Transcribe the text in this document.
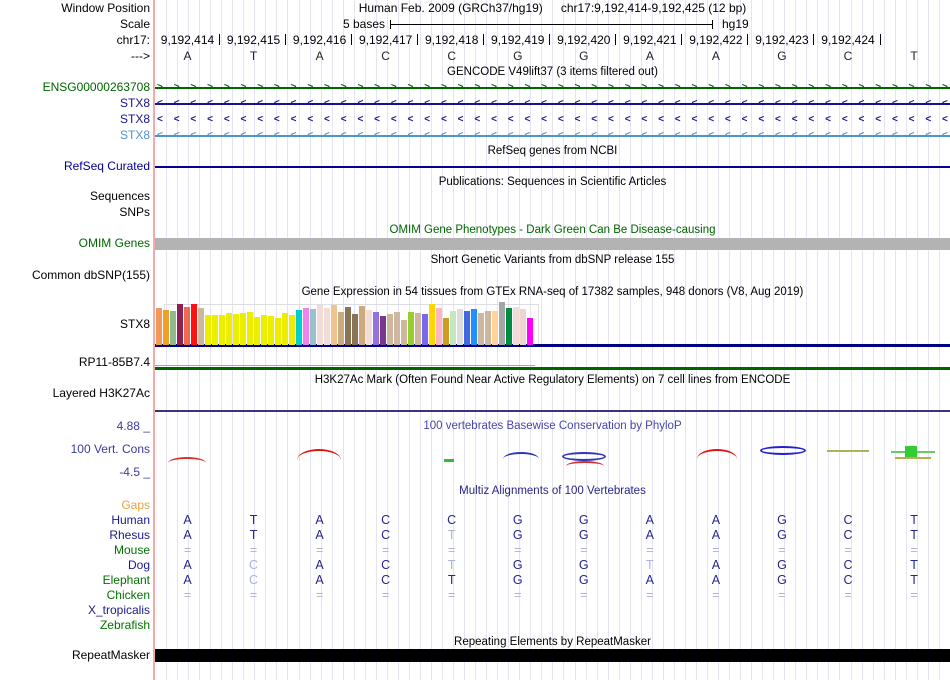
Window Position	Human Feb. 2009 (GRCh37/hg19) chr17:9,192,414-9,192,425 (12 bp)
Scale	5 bases	hg19
chr17:
--->
GENCODE V49lift37 (3 items filtered out)
RefSeq genes from NCBI
Publications: Sequences in Scientific Articles
OMIM Gene Phenotypes - Dark Green Can Be Disease-causing
Short Genetic Variants from dbSNP release 155
Gene Expression in 54 tissues from GTEx RNA-seq of 17382 samples, 948 donors (V8, Aug 2019)
H3K27Ac Mark (Often Found Near Active Regulatory Elements) on 7 cell lines from ENCODE
100 vertebrates Basewise Conservation by PhyloP
Multiz Alignments of 100 Vertebrates
Repeating Elements by RepeatMasker
RefSeq Curated
Sequences
SNPs
OMIM Genes
Common dbSNP(155)
STX8
RP11-85B7.4
Layered H3K27Ac
4.88 _
100 Vert. Cons
-4.5 _
RepeatMasker
9,192,414	9,192,415	9,192,416	9,192,417	9,192,418	9,192,419	9,192,420	9,192,421	9,192,422	9,192,423	9,192,424
A	T	A	C	C	G	G	A	A	G	C	T
ENSG00000263708 > > > > > > > > > > > > > > > > > > > > > > > > > > > > > > > > > > > > > > > > > > > > > > > >
STX8 < < < < < < < < < < < < < < < < < < < < < < < < < < < < < < < < < < < < < < < < < < < < < < < <
STX8 < < < < < < < < < < < < < < < < < < < < < < < < < < < < < < < < < < < < < < < < < < < < < < < <
STX8 < < < < < < < < < < < < < < < < < < < < < < < < < < < < < < < < < < < < < < < < < < < < < < < <
Gaps
Human	A	T	A	C	C	G	G	A	A	G	C	T
Rhesus	A	T	A	C	T	G	G	A	A	G	C	T
Mouse	=	=	=	=	=	=	=	=	=	=	=	=
Dog	A	C	A	C	T	G	G	T	A	G	C	T
Elephant	A	C	A	C	T	G	G	A	A	G	C	T
Chicken	=	=	=	=	=	=	=	=	=	=	=	=
X_tropicalis
Zebrafish
